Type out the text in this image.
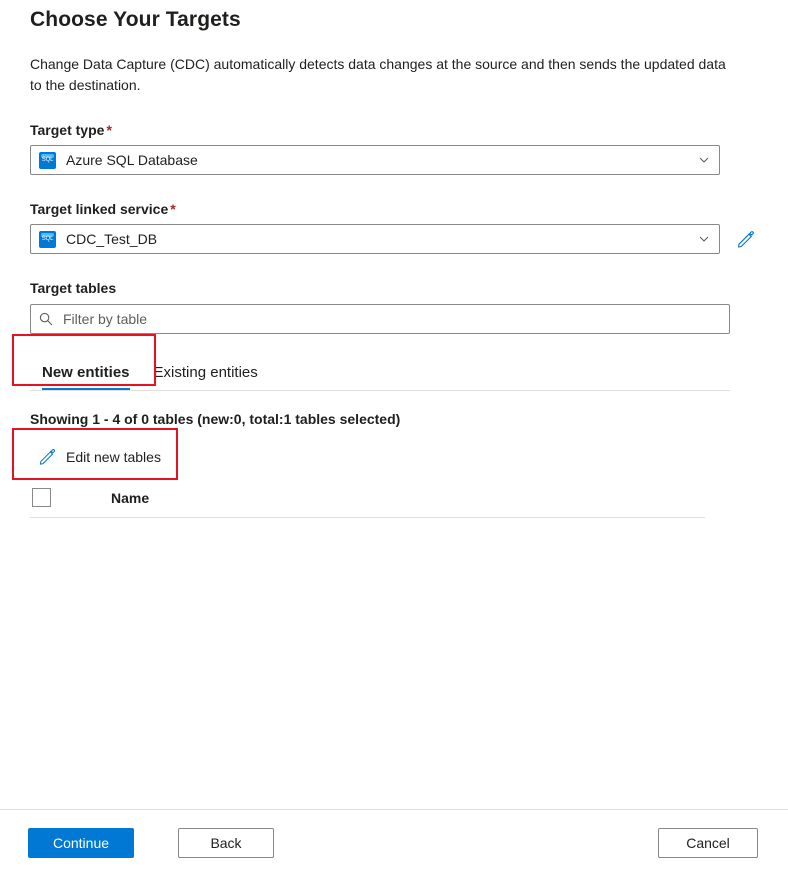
Choose Your Targets
Change Data Capture (CDC) automatically detects data changes at the source and then sends the updated data to the destination.
Target type *
SQL
Azure SQL Database
Target linked service *
SQL
CDC_Test_DB
Target tables
Filter by table
New entities	Existing entities
Showing 1 - 4 of 0 tables (new:0, total:1 tables selected)
Edit new tables
Name
Continue	Back	Cancel
